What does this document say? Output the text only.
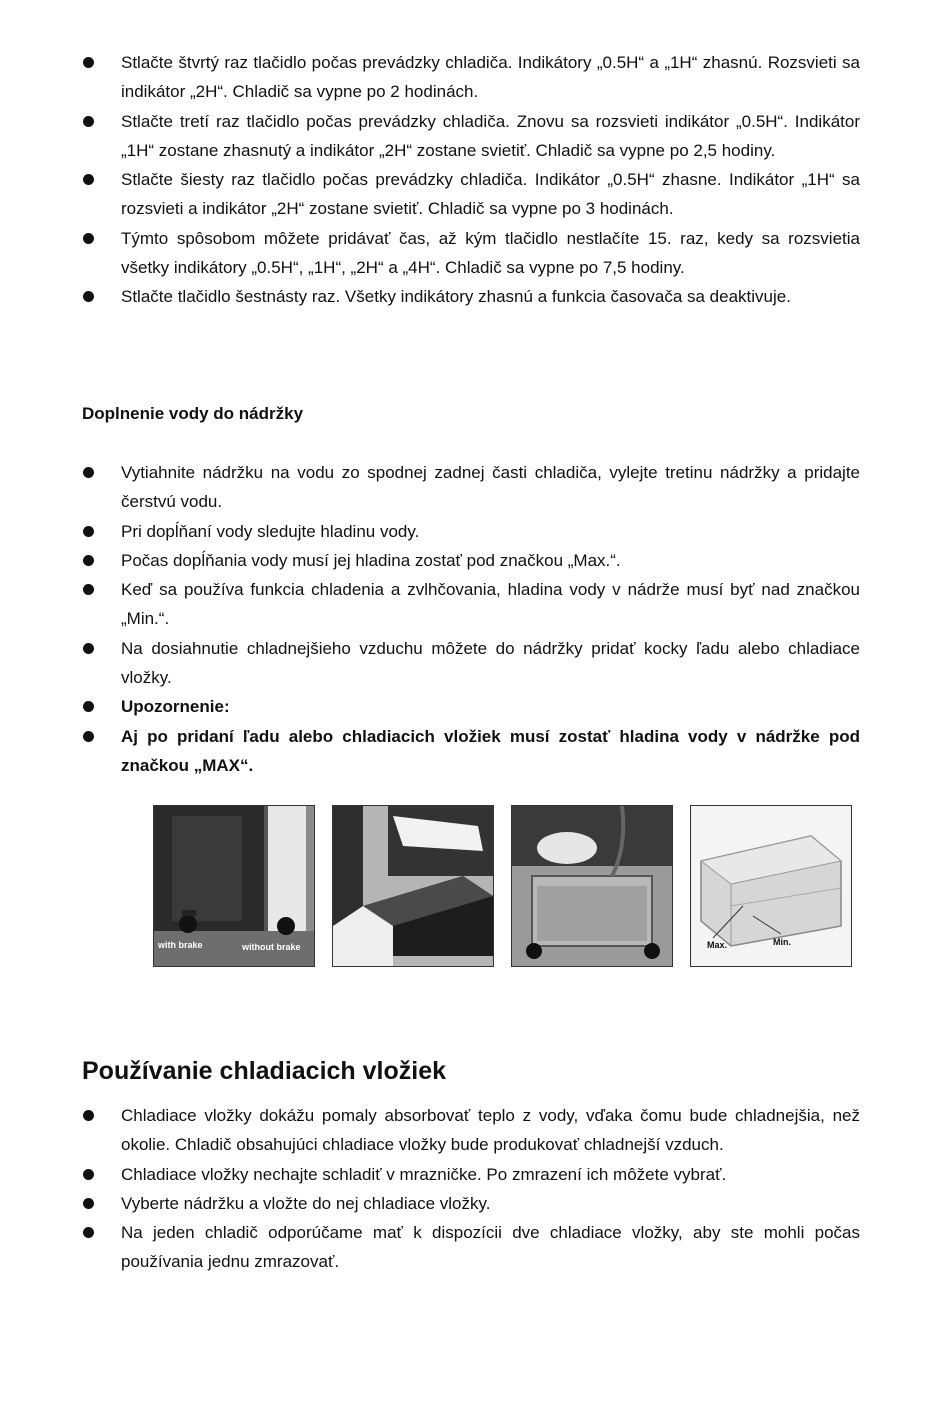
Stlačte štvrtý raz tlačidlo počas prevádzky chladiča. Indikátory „0.5H“ a „1H“ zhasnú. Rozsvieti sa indikátor „2H“. Chladič sa vypne po 2 hodinách.
Stlačte tretí raz tlačidlo počas prevádzky chladiča. Znovu sa rozsvieti indikátor „0.5H“. Indikátor „1H“ zostane zhasnutý a indikátor „2H“ zostane svietiť. Chladič sa vypne po 2,5 hodiny.
Stlačte šiesty raz tlačidlo počas prevádzky chladiča. Indikátor „0.5H“ zhasne. Indikátor „1H“ sa rozsvieti a indikátor „2H“ zostane svietiť. Chladič sa vypne po 3 hodinách.
Týmto spôsobom môžete pridávať čas, až kým tlačidlo nestlačíte 15. raz, kedy sa rozsvietia všetky indikátory „0.5H“, „1H“, „2H“ a „4H“. Chladič sa vypne po 7,5 hodiny.
Stlačte tlačidlo šestnásty raz. Všetky indikátory zhasnú a funkcia časovača sa deaktivuje.
Doplnenie vody do nádržky
Vytiahnite nádržku na vodu zo spodnej zadnej časti chladiča, vylejte tretinu nádržky a pridajte čerstvú vodu.
Pri dopĺňaní vody sledujte hladinu vody.
Počas dopĺňania vody musí jej hladina zostať pod značkou „Max.“.
Keď sa používa funkcia chladenia a zvlhčovania, hladina vody v nádrže musí byť nad značkou „Min.“.
Na dosiahnutie chladnejšieho vzduchu môžete do nádržky pridať kocky ľadu alebo chladiace vložky.
Upozornenie:
Aj po pridaní ľadu alebo chladiacich vložiek musí zostať hladina vody v nádržke pod značkou „MAX“.
with brake	without brake	Max.	Min.
Používanie chladiacich vložiek
Chladiace vložky dokážu pomaly absorbovať teplo z vody, vďaka čomu bude chladnejšia, než okolie. Chladič obsahujúci chladiace vložky bude produkovať chladnejší vzduch.
Chladiace vložky nechajte schladiť v mrazničke. Po zmrazení ich môžete vybrať.
Vyberte nádržku a vložte do nej chladiace vložky.
Na jeden chladič odporúčame mať k dispozícii dve chladiace vložky, aby ste mohli počas používania jednu zmrazovať.
